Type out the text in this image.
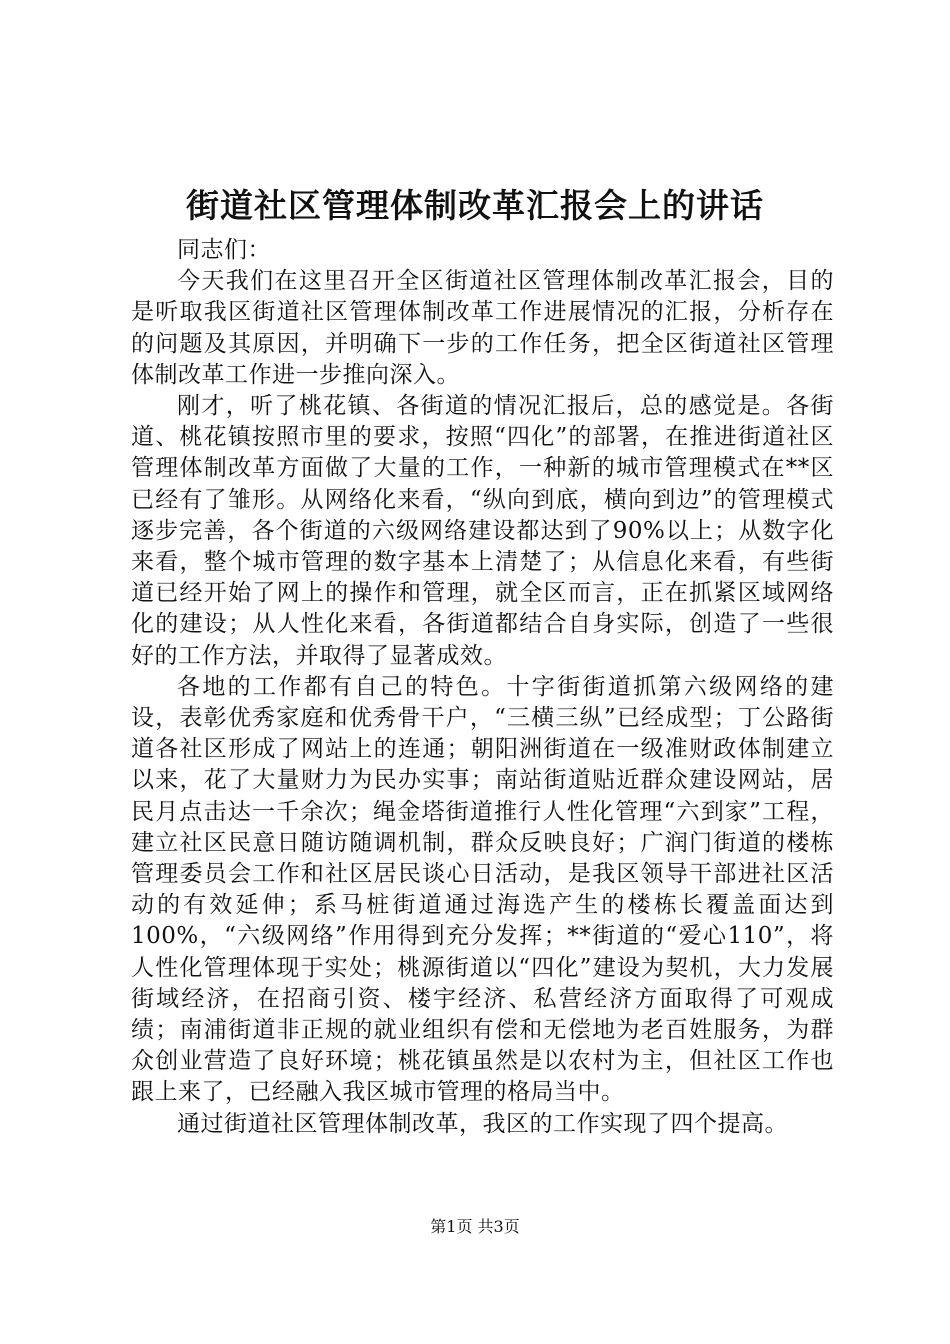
街道社区管理体制改革汇报会上的讲话

同志们：

今天我们在这里召开全区街道社区管理体制改革汇报会，目的是听取我区街道社区管理体制改革工作进展情况的汇报，分析存在的问题及其原因，并明确下一步的工作任务，把全区街道社区管理体制改革工作进一步推向深入。

刚才，听了桃花镇、各街道的情况汇报后，总的感觉是。各街道、桃花镇按照市里的要求，按照“四化”的部署，在推进街道社区管理体制改革方面做了大量的工作，一种新的城市管理模式在**区已经有了雏形。从网络化来看，“纵向到底，横向到边”的管理模式逐步完善，各个街道的六级网络建设都达到了90%以上；从数字化来看，整个城市管理的数字基本上清楚了；从信息化来看，有些街道已经开始了网上的操作和管理，就全区而言，正在抓紧区域网络化的建设；从人性化来看，各街道都结合自身实际，创造了一些很好的工作方法，并取得了显著成效。

各地的工作都有自己的特色。十字街街道抓第六级网络的建设，表彰优秀家庭和优秀骨干户，“三横三纵”已经成型；丁公路街道各社区形成了网站上的连通；朝阳洲街道在一级准财政体制建立以来，花了大量财力为民办实事；南站街道贴近群众建设网站，居民月点击达一千余次；绳金塔街道推行人性化管理“六到家”工程，建立社区民意日随访随调机制，群众反映良好；广润门街道的楼栋管理委员会工作和社区居民谈心日活动，是我区领导干部进社区活动的有效延伸；系马桩街道通过海选产生的楼栋长覆盖面达到100%，“六级网络”作用得到充分发挥；**街道的“爱心110”，将人性化管理体现于实处；桃源街道以“四化”建设为契机，大力发展街域经济，在招商引资、楼宇经济、私营经济方面取得了可观成绩；南浦街道非正规的就业组织有偿和无偿地为老百姓服务，为群众创业营造了良好环境；桃花镇虽然是以农村为主，但社区工作也跟上来了，已经融入我区城市管理的格局当中。

通过街道社区管理体制改革，我区的工作实现了四个提高。

第1页 共3页
